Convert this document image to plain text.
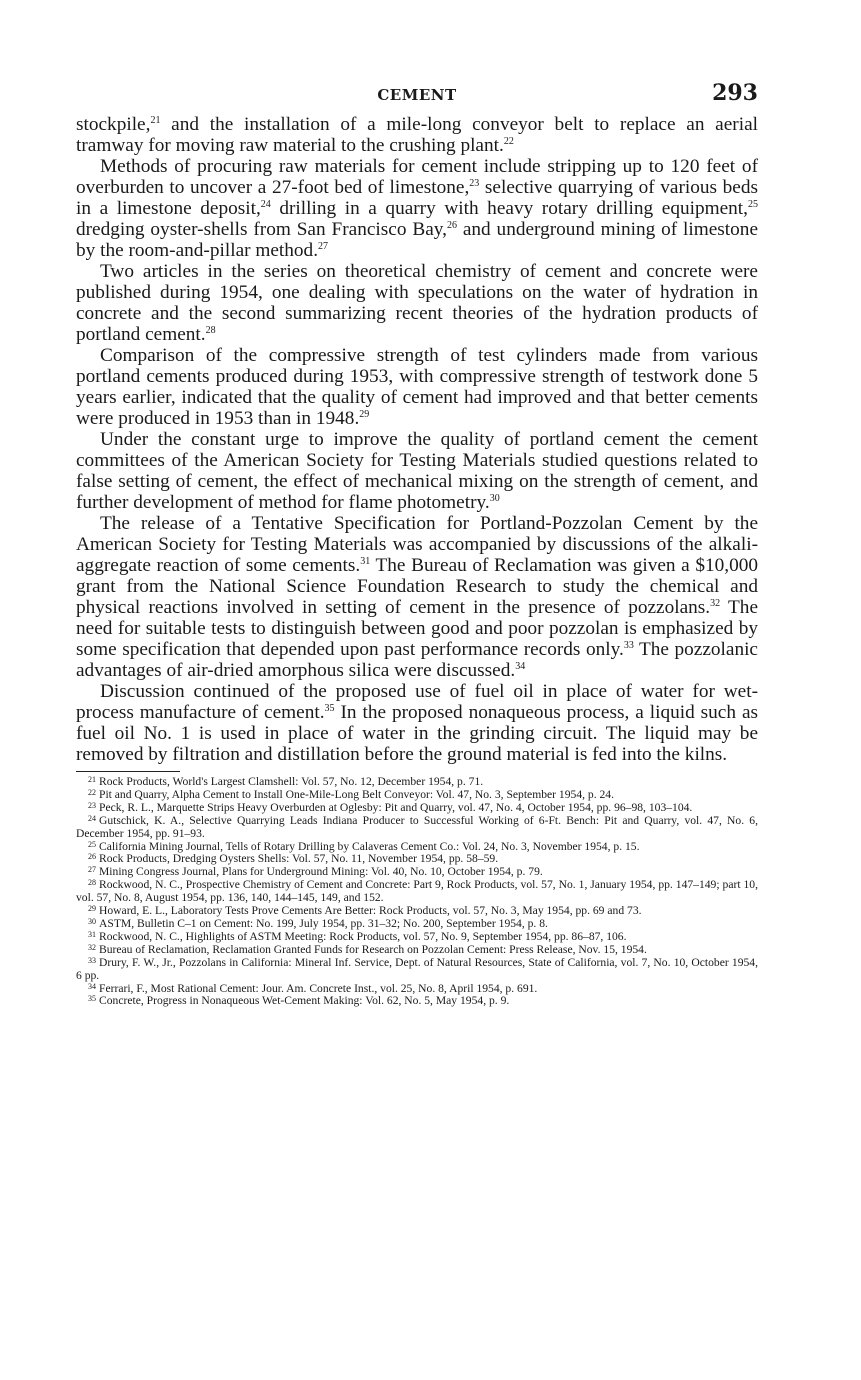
CEMENT	293

stockpile,$^{21}$ and the installation of a mile-long conveyor belt to replace an aerial tramway for moving raw material to the crushing plant.$^{22}$

Methods of procuring raw materials for cement include stripping up to 120 feet of overburden to uncover a 27-foot bed of limestone,$^{23}$ selective quarrying of various beds in a limestone deposit,$^{24}$ drilling in a quarry with heavy rotary drilling equipment,$^{25}$ dredging oyster-shells from San Francisco Bay,$^{26}$ and underground mining of limestone by the room-and-pillar method.$^{27}$

Two articles in the series on theoretical chemistry of cement and concrete were published during 1954, one dealing with speculations on the water of hydration in concrete and the second summarizing recent theories of the hydration products of portland cement.$^{28}$

Comparison of the compressive strength of test cylinders made from various portland cements produced during 1953, with compressive strength of testwork done 5 years earlier, indicated that the quality of cement had improved and that better cements were produced in 1953 than in 1948.29

Under the constant urge to improve the quality of portland cement the cement committees of the American Society for Testing Materials studied questions related to false setting of cement, the effect of mechanical mixing on the strength of cement, and further development of method for flame photometry.$^{30}$

The release of a Tentative Specification for Portland-Pozzolan Cement by the American Society for Testing Materials was accompanied by discussions of the alkali-aggregate reaction of some cements.$^{31}$ The Bureau of Reclamation was given a $10,000 grant from the National Science Foundation Research to study the chemical and physical reactions involved in setting of cement in the presence of pozzolans.$^{32}$ The need for suitable tests to distinguish between good and poor pozzolan is emphasized by some specification that depended upon past performance records only.$^{33}$ The pozzolanic advantages of air-dried amorphous silica were discussed.$^{34}$

Discussion continued of the proposed use of fuel oil in place of water for wet-process manufacture of cement.$^{35}$ In the proposed nonaqueous process, a liquid such as fuel oil No. 1 is used in place of water in the grinding circuit. The liquid may be removed by filtration and distillation before the ground material is fed into the kilns.

$^{21}$ Rock Products, World's Largest Clamshell: Vol. 57, No. 12, December 1954, p. 71.

$^{22}$ Pit and Quarry, Alpha Cement to Install One-Mile-Long Belt Conveyor: Vol. 47, No. 3, September 1954, p. 24.

$^{23}$ Peck, R. L., Marquette Strips Heavy Overburden at Oglesby: Pit and Quarry, vol. 47, No. 4, October 1954, pp. 96–98, 103–104.

$^{24}$ Gutschick, K. A., Selective Quarrying Leads Indiana Producer to Successful Working of 6-Ft. Bench: Pit and Quarry, vol. 47, No. 6, December 1954, pp. 91–93.

$^{25}$ California Mining Journal, Tells of Rotary Drilling by Calaveras Cement Co.: Vol. 24, No. 3, November 1954, p. 15.

$^{26}$ Rock Products, Dredging Oysters Shells: Vol. 57, No. 11, November 1954, pp. 58–59.

$^{27}$ Mining Congress Journal, Plans for Underground Mining: Vol. 40, No. 10, October 1954, p. 79.

$^{28}$ Rockwood, N. C., Prospective Chemistry of Cement and Concrete: Part 9, Rock Products, vol. 57, No. 1, January 1954, pp. 147–149; part 10, vol. 57, No. 8, August 1954, pp. 136, 140, 144–145, 149, and 152.

$^{29}$ Howard, E. L., Laboratory Tests Prove Cements Are Better: Rock Products, vol. 57, No. 3, May 1954, pp. 69 and 73.

$^{30}$ ASTM, Bulletin C–1 on Cement: No. 199, July 1954, pp. 31–32; No. 200, September 1954, p. 8.

$^{31}$ Rockwood, N. C., Highlights of ASTM Meeting: Rock Products, vol. 57, No. 9, September 1954, pp. 86–87, 106.

$^{32}$ Bureau of Reclamation, Reclamation Granted Funds for Research on Pozzolan Cement: Press Release, Nov. 15, 1954.

$^{33}$ Drury, F. W., Jr., Pozzolans in California: Mineral Inf. Service, Dept. of Natural Resources, State of California, vol. 7, No. 10, October 1954, 6 pp.

$^{34}$ Ferrari, F., Most Rational Cement: Jour. Am. Concrete Inst., vol. 25, No. 8, April 1954, p. 691.

$^{35}$ Concrete, Progress in Nonaqueous Wet-Cement Making: Vol. 62, No. 5, May 1954, p. 9.
